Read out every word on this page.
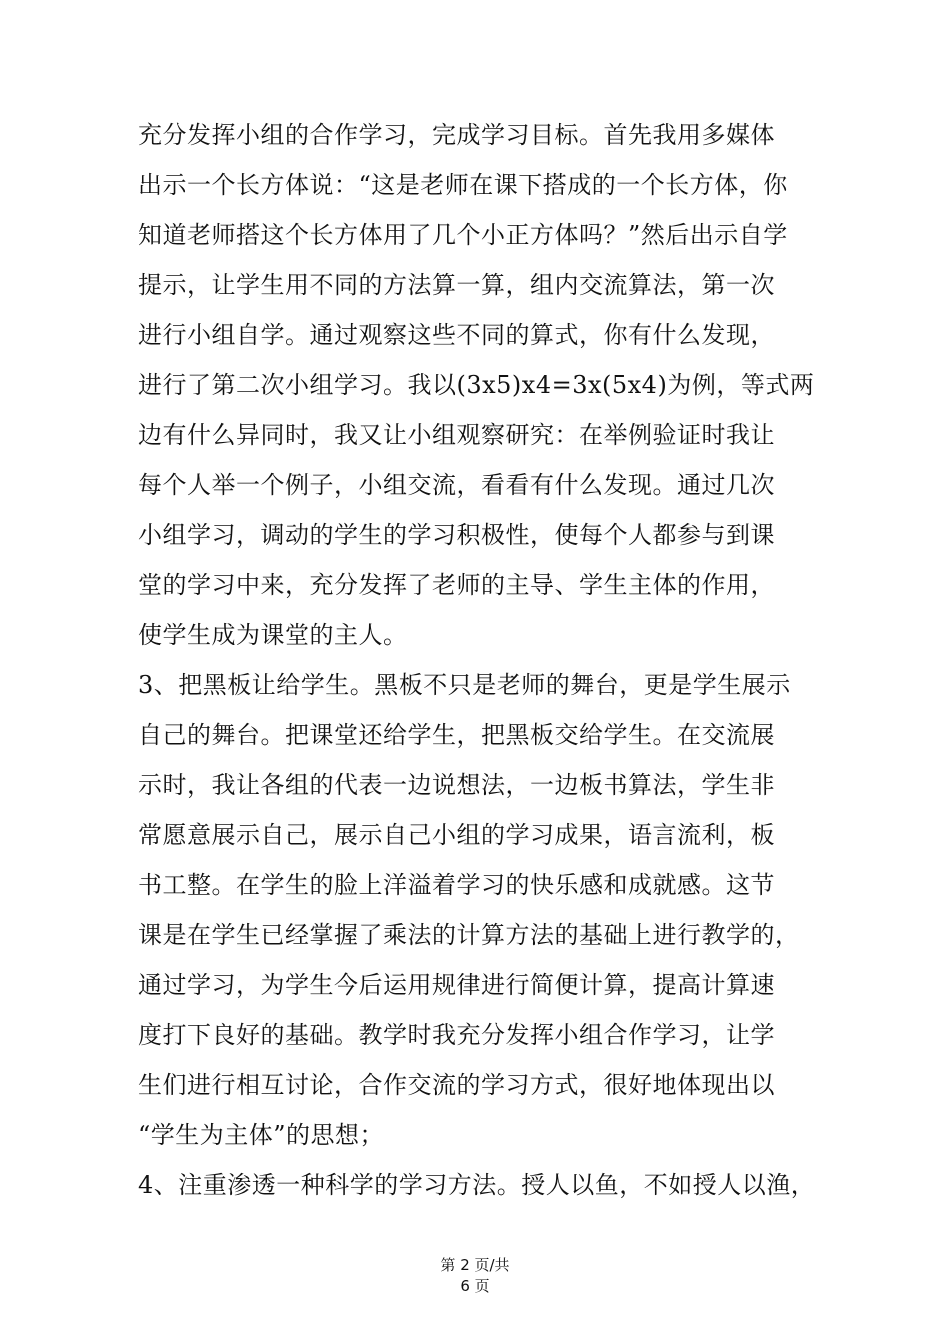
充分发挥小组的合作学习，完成学习目标。首先我用多媒体
出示一个长方体说：“这是老师在课下搭成的一个长方体，你
知道老师搭这个长方体用了几个小正方体吗？”然后出示自学
提示，让学生用不同的方法算一算，组内交流算法，第一次
进行小组自学。通过观察这些不同的算式，你有什么发现，
进行了第二次小组学习。我以(3x5)x4=3x(5x4)为例，等式两
边有什么异同时，我又让小组观察研究：在举例验证时我让
每个人举一个例子，小组交流，看看有什么发现。通过几次
小组学习，调动的学生的学习积极性，使每个人都参与到课
堂的学习中来，充分发挥了老师的主导、学生主体的作用，
使学生成为课堂的主人。
3、把黑板让给学生。黑板不只是老师的舞台，更是学生展示
自己的舞台。把课堂还给学生，把黑板交给学生。在交流展
示时，我让各组的代表一边说想法，一边板书算法，学生非
常愿意展示自己，展示自己小组的学习成果，语言流利，板
书工整。在学生的脸上洋溢着学习的快乐感和成就感。这节
课是在学生已经掌握了乘法的计算方法的基础上进行教学的，
通过学习，为学生今后运用规律进行简便计算，提高计算速
度打下良好的基础。教学时我充分发挥小组合作学习，让学
生们进行相互讨论，合作交流的学习方式，很好地体现出以
“学生为主体”的思想；
4、注重渗透一种科学的学习方法。授人以鱼，不如授人以渔，
第 2 页/共
6 页
